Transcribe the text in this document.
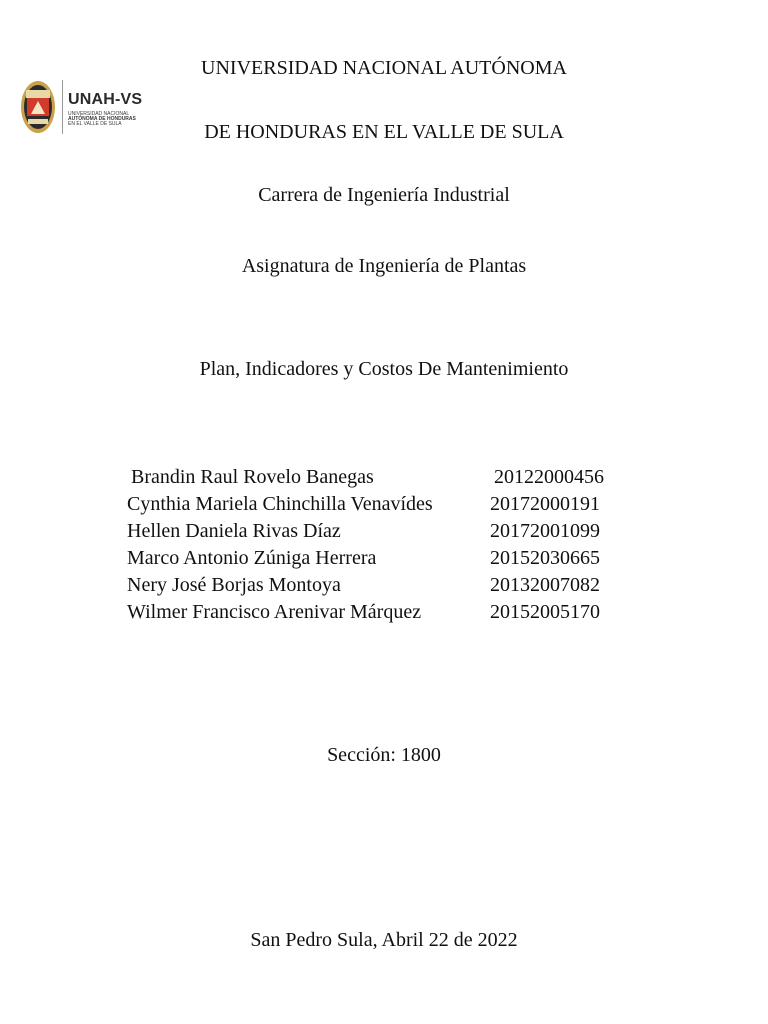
UNAH-VS
UNIVERSIDAD NACIONAL
AUTÓNOMA DE HONDURAS
EN EL VALLE DE SULA
UNIVERSIDAD NACIONAL AUTÓNOMA
DE HONDURAS EN EL VALLE DE SULA
Carrera de Ingeniería Industrial
Asignatura de Ingeniería de Plantas
Plan, Indicadores y Costos De Mantenimiento
Brandin Raul Rovelo Banegas	20122000456
Cynthia Mariela Chinchilla Venavídes	20172000191
Hellen Daniela Rivas Díaz	20172001099
Marco Antonio Zúniga Herrera	20152030665
Nery José Borjas Montoya	20132007082
Wilmer Francisco Arenivar Márquez	20152005170
Sección: 1800
San Pedro Sula, Abril 22 de 2022
